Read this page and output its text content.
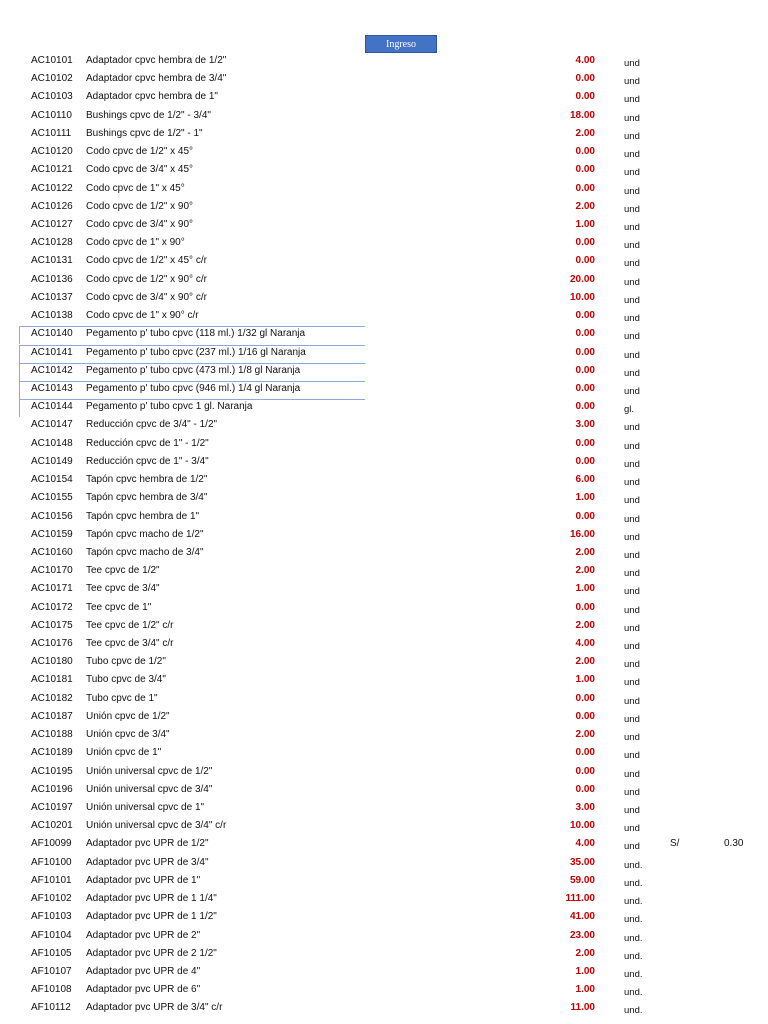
Ingreso
AC10101 Adaptador cpvc hembra de 1/2"	4.00	und
AC10102 Adaptador cpvc hembra de 3/4"	0.00	und
AC10103 Adaptador cpvc hembra de 1"	0.00	und
AC10110 Bushings cpvc de 1/2" - 3/4"	18.00	und
AC10111 Bushings cpvc de 1/2" - 1"	2.00	und
AC10120 Codo cpvc de 1/2" x 45°	0.00	und
AC10121 Codo cpvc de 3/4" x 45°	0.00	und
AC10122 Codo cpvc de 1" x 45°	0.00	und
AC10126 Codo cpvc de 1/2" x 90°	2.00	und
AC10127 Codo cpvc de 3/4" x 90°	1.00	und
AC10128 Codo cpvc de 1" x 90°	0.00	und
AC10131 Codo cpvc de 1/2" x 45° c/r	0.00	und
AC10136 Codo cpvc de 1/2" x 90° c/r	20.00	und
AC10137 Codo cpvc de 3/4" x 90° c/r	10.00	und
AC10138 Codo cpvc de 1" x 90° c/r	0.00	und
AC10140 Pegamento p' tubo cpvc (118 ml.) 1/32 gl Naranja	0.00	und
AC10141 Pegamento p' tubo cpvc (237 ml.) 1/16 gl Naranja	0.00	und
AC10142 Pegamento p' tubo cpvc (473 ml.) 1/8 gl Naranja	0.00	und
AC10143 Pegamento p' tubo cpvc (946 ml.) 1/4 gl Naranja	0.00	und
AC10144 Pegamento p' tubo cpvc 1 gl. Naranja	0.00	gl.
AC10147 Reducción cpvc de 3/4" - 1/2"	3.00	und
AC10148 Reducción cpvc de 1" - 1/2"	0.00	und
AC10149 Reducción cpvc de 1" - 3/4"	0.00	und
AC10154 Tapón cpvc hembra de 1/2"	6.00	und
AC10155 Tapón cpvc hembra de 3/4"	1.00	und
AC10156 Tapón cpvc hembra de 1"	0.00	und
AC10159 Tapón cpvc macho de 1/2"	16.00	und
AC10160 Tapón cpvc macho de 3/4"	2.00	und
AC10170 Tee cpvc de 1/2"	2.00	und
AC10171 Tee cpvc de 3/4"	1.00	und
AC10172 Tee cpvc de 1"	0.00	und
AC10175 Tee cpvc de 1/2" c/r	2.00	und
AC10176 Tee cpvc de 3/4" c/r	4.00	und
AC10180 Tubo cpvc de 1/2"	2.00	und
AC10181 Tubo cpvc de 3/4"	1.00	und
AC10182 Tubo cpvc de 1"	0.00	und
AC10187 Unión cpvc de 1/2"	0.00	und
AC10188 Unión cpvc de 3/4"	2.00	und
AC10189 Unión cpvc de 1"	0.00	und
AC10195 Unión universal cpvc de 1/2"	0.00	und
AC10196 Unión universal cpvc de 3/4"	0.00	und
AC10197 Unión universal cpvc de 1"	3.00	und
AC10201 Unión universal cpvc de 3/4" c/r	10.00	und
AF10099 Adaptador pvc UPR de 1/2"	4.00	und	S/	0.30
AF10100 Adaptador pvc UPR de 3/4"	35.00	und.
AF10101 Adaptador pvc UPR de 1"	59.00	und.
AF10102 Adaptador pvc UPR de 1 1/4"	111.00	und.
AF10103 Adaptador pvc UPR de 1 1/2"	41.00	und.
AF10104 Adaptador pvc UPR de 2"	23.00	und.
AF10105 Adaptador pvc UPR de 2 1/2"	2.00	und.
AF10107 Adaptador pvc UPR de 4"	1.00	und.
AF10108 Adaptador pvc UPR de 6"	1.00	und.
AF10112 Adaptador pvc UPR de 3/4" c/r	11.00	und.
